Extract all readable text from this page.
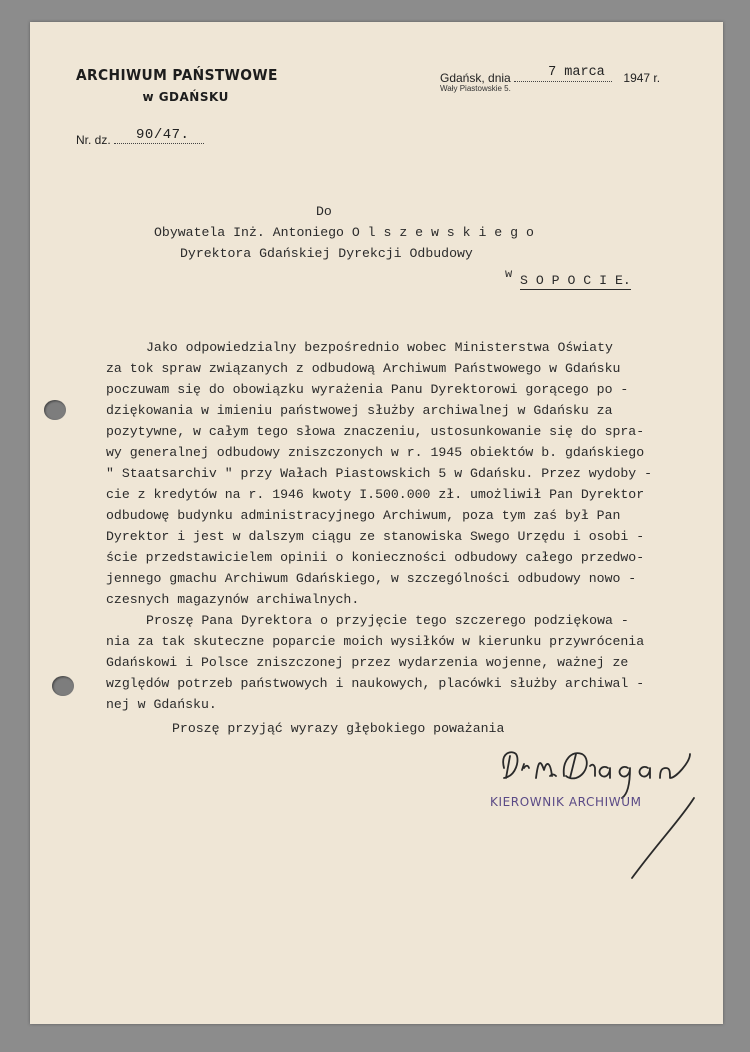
ARCHIWUM PAŃSTWOWE
w GDAŃSKU
Nr. dz. 90/47.
Gdańsk, dnia	7 marca 1947 r.
Wały Piastowskie 5.
Do
Obywatela Inż. Antoniego O l s z e w s k i e g o
Dyrektora Gdańskiej Dyrekcji Odbudowy
w S O P O C I E.
Jako odpowiedzialny bezpośrednio wobec Ministerstwa Oświaty
za tok spraw związanych z odbudową Archiwum Państwowego w Gdańsku
poczuwam się do obowiązku wyrażenia Panu Dyrektorowi gorącego po -
dziękowania w imieniu państwowej służby archiwalnej w Gdańsku za
pozytywne, w całym tego słowa znaczeniu, ustosunkowanie się do spra-
wy generalnej odbudowy zniszczonych w r. 1945 obiektów b. gdańskiego
" Staatsarchiv " przy Wałach Piastowskich 5 w Gdańsku. Przez wydoby -
cie z kredytów na r. 1946 kwoty I.500.000 zł. umożliwił Pan Dyrektor
odbudowę budynku administracyjnego Archiwum, poza tym zaś był Pan
Dyrektor i jest w dalszym ciągu ze stanowiska Swego Urzędu i osobi -
ście przedstawicielem opinii o konieczności odbudowy całego przedwo-
jennego gmachu Archiwum Gdańskiego, w szczególności odbudowy nowo -
czesnych magazynów archiwalnych.
Proszę Pana Dyrektora o przyjęcie tego szczerego podziękowa -
nia za tak skuteczne poparcie moich wysiłków w kierunku przywrócenia
Gdańskowi i Polsce zniszczonej przez wydarzenia wojenne, ważnej ze
względów potrzeb państwowych i naukowych, placówki służby archiwal -
nej w Gdańsku.
Proszę przyjąć wyrazy głębokiego poważania
KIEROWNIK ARCHIWUM
